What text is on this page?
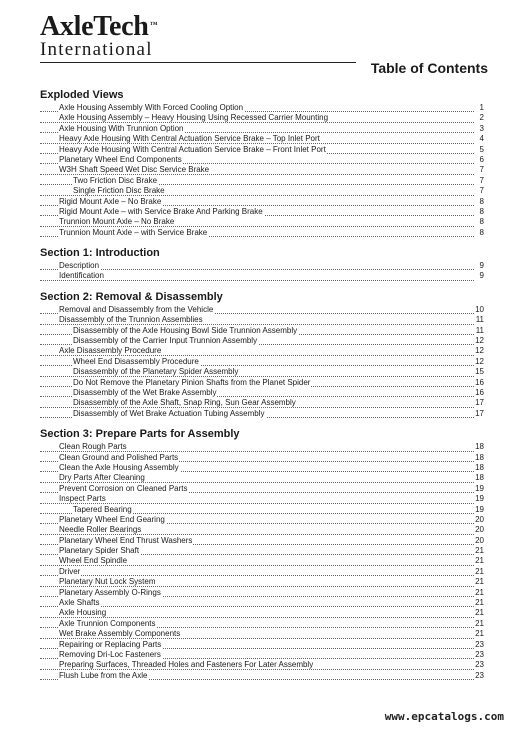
AxleTech™
International
Table of Contents
Exploded Views
Axle Housing Assembly With Forced Cooling Option	1
Axle Housing Assembly – Heavy Housing Using Recessed Carrier Mounting	2
Axle Housing With Trunnion Option	3
Heavy Axle Housing With Central Actuation Service Brake – Top Inlet Port	4
Heavy Axle Housing With Central Actuation Service Brake – Front Inlet Port	5
Planetary Wheel End Components	6
W3H Shaft Speed Wet Disc Service Brake	7
Two Friction Disc Brake	7
Single Friction Disc Brake	7
Rigid Mount Axle – No Brake	8
Rigid Mount Axle – with Service Brake And Parking Brake	8
Trunnion Mount Axle – No Brake	8
Trunnion Mount Axle – with Service Brake	8
Section 1: Introduction
Description	9
Identification	9
Section 2: Removal & Disassembly
Removal and Disassembly from the Vehicle	10
Disassembly of the Trunnion Assemblies	11
Disassembly of the Axle Housing Bowl Side Trunnion Assembly	11
Disassembly of the Carrier Input Trunnion Assembly	12
Axle Disassembly Procedure	12
Wheel End Disassembly Procedure	12
Disassembly of the Planetary Spider Assembly	15
Do Not Remove the Planetary Pinion Shafts from the Planet Spider	16
Disassembly of the Wet Brake Assembly	16
Disassembly of the Axle Shaft, Snap Ring, Sun Gear Assembly	17
Disassembly of Wet Brake Actuation Tubing Assembly	17
Section 3: Prepare Parts for Assembly
Clean Rough Parts	18
Clean Ground and Polished Parts	18
Clean the Axle Housing Assembly	18
Dry Parts After Cleaning	18
Prevent Corrosion on Cleaned Parts	19
Inspect Parts	19
Tapered Bearing	19
Planetary Wheel End Gearing	20
Needle Roller Bearings	20
Planetary Wheel End Thrust Washers	20
Planetary Spider Shaft	21
Wheel End Spindle	21
Driver	21
Planetary Nut Lock System	21
Planetary Assembly O-Rings	21
Axle Shafts	21
Axle Housing	21
Axle Trunnion Components	21
Wet Brake Assembly Components	21
Repairing or Replacing Parts	23
Removing Dri-Loc Fasteners	23
Preparing Surfaces, Threaded Holes and Fasteners For Later Assembly	23
Flush Lube from the Axle	23
www.epcatalogs.com
